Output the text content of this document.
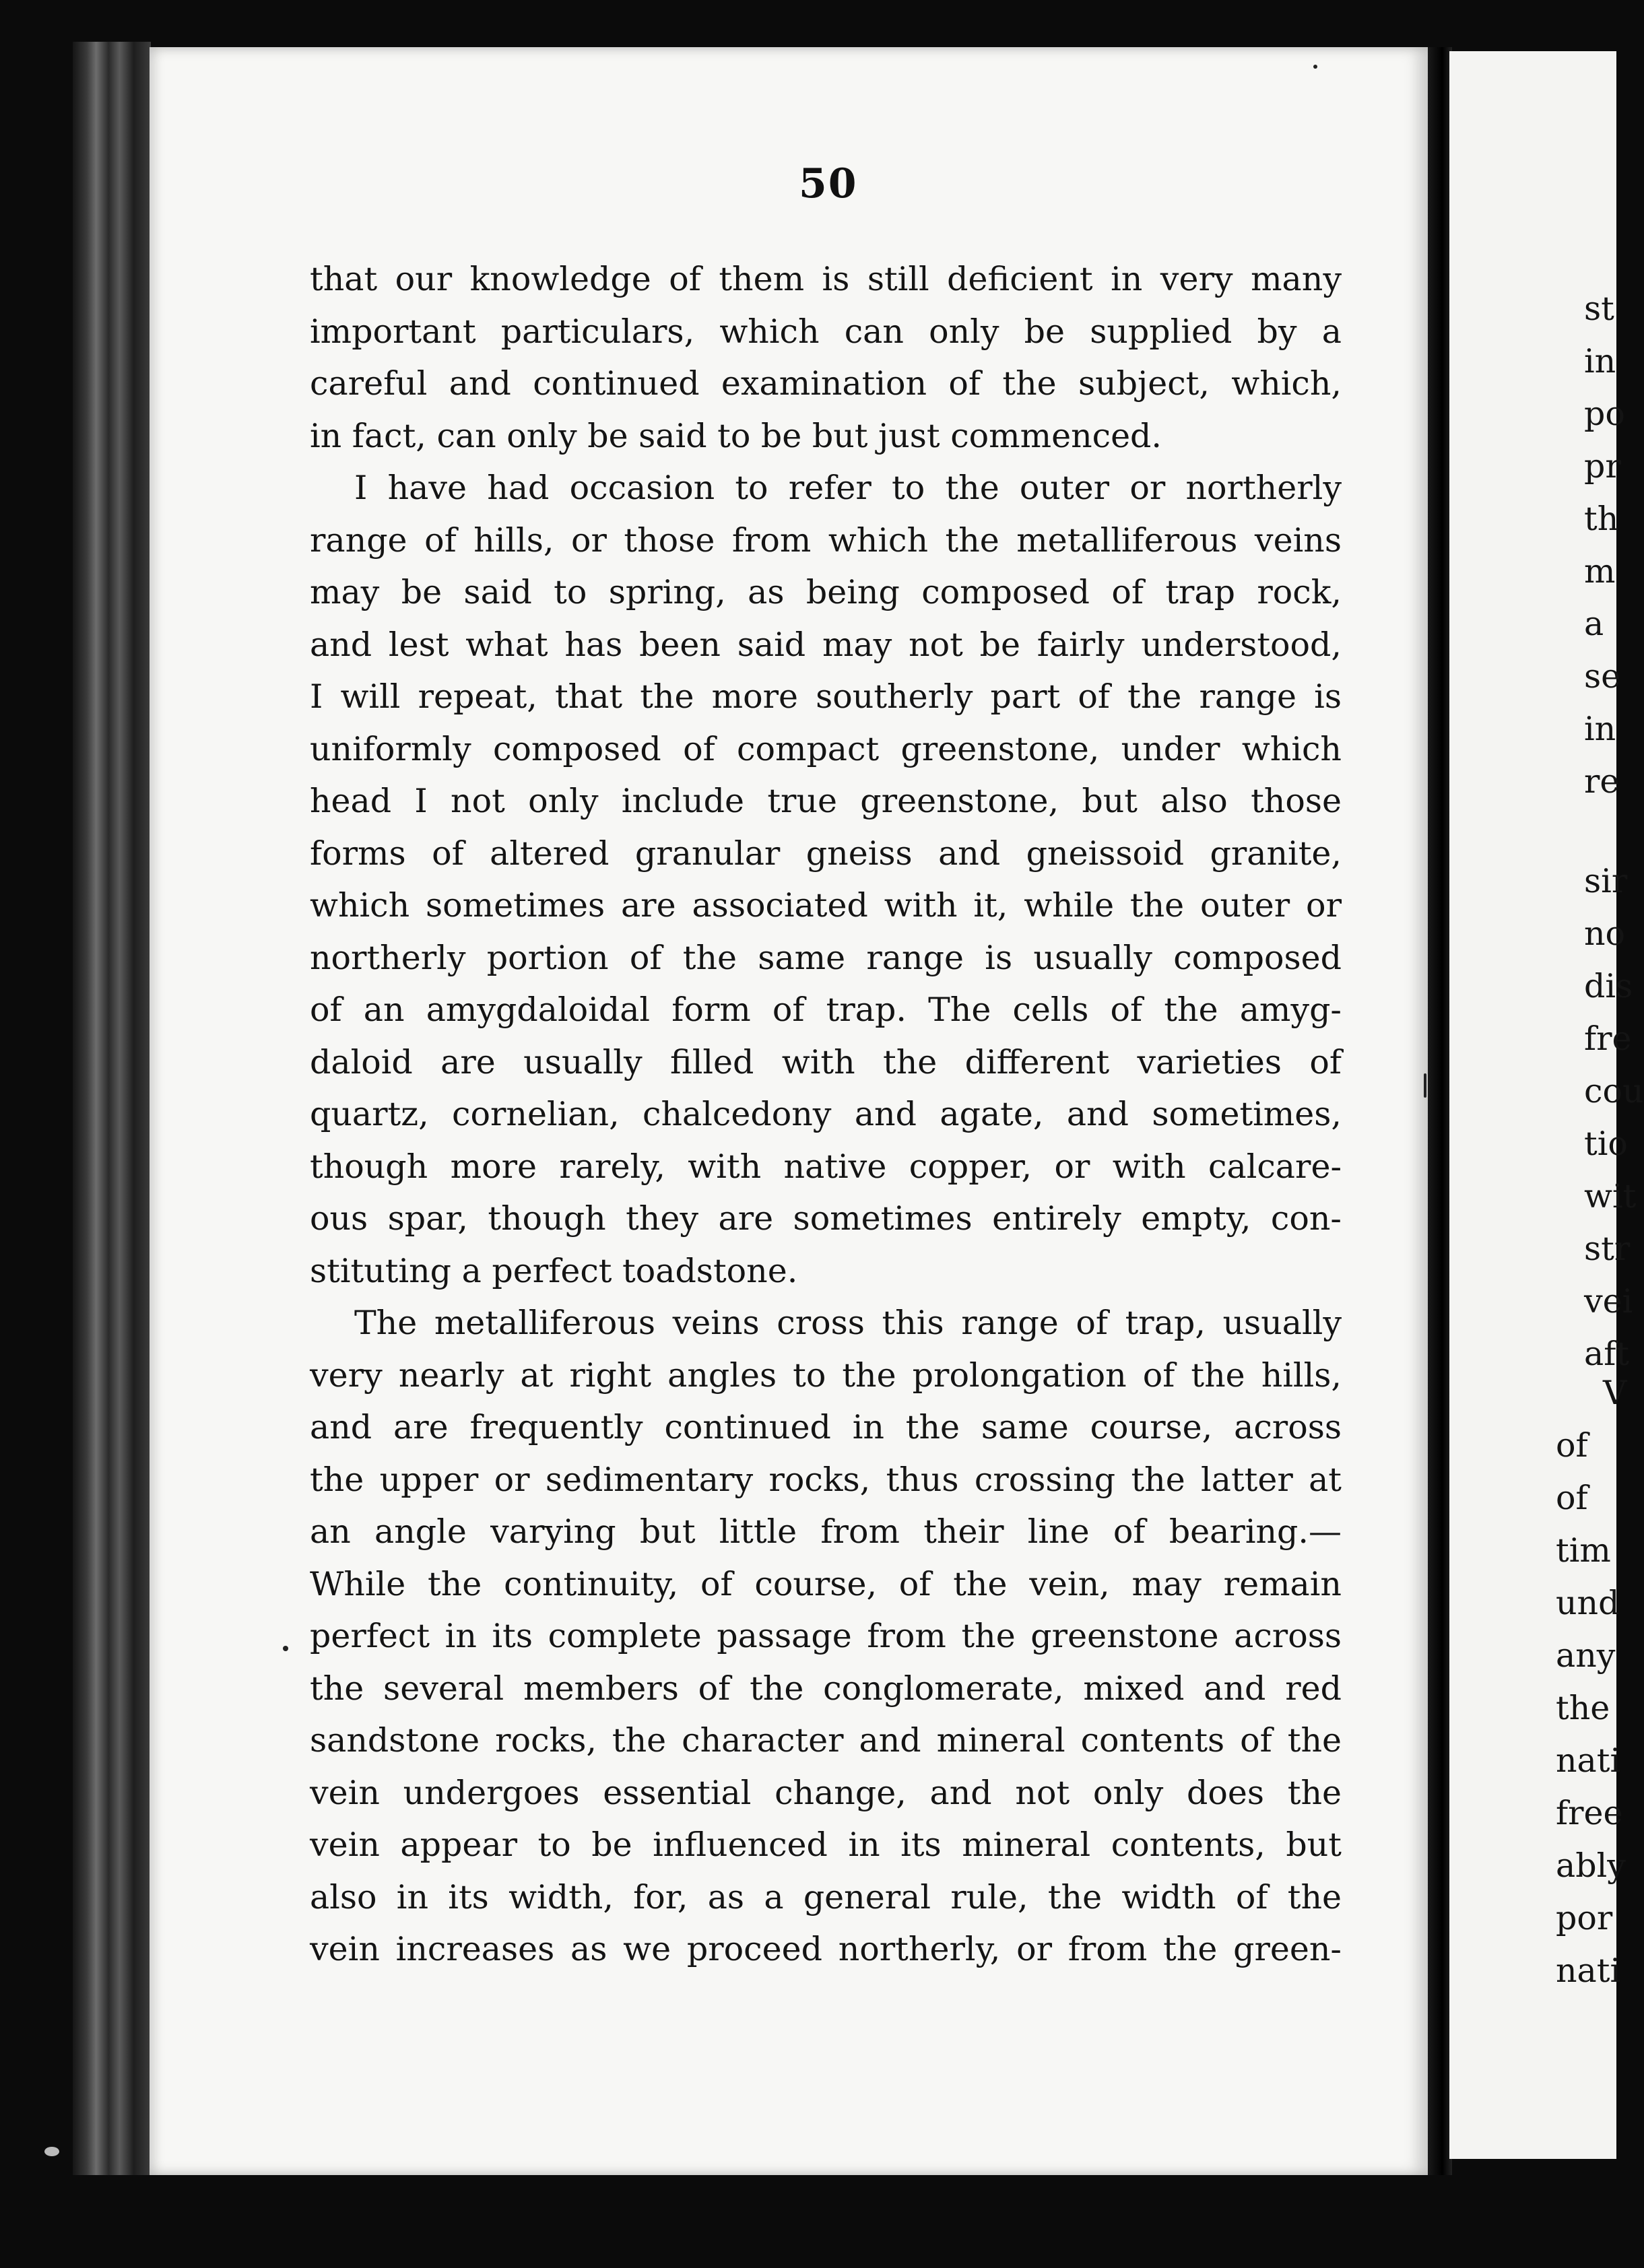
50
that our knowledge of them is still deficient in very many
important particulars, which can only be supplied by a
careful and continued examination of the subject, which,
in fact, can only be said to be but just commenced.
I have had occasion to refer to the outer or northerly
range of hills, or those from which the metalliferous veins
may be said to spring, as being composed of trap rock,
and lest what has been said may not be fairly understood,
I will repeat, that the more southerly part of the range is
uniformly composed of compact greenstone, under which
head I not only include true greenstone, but also those
forms of altered granular gneiss and gneissoid granite,
which sometimes are associated with it, while the outer or
northerly portion of the same range is usually composed
of an amygdaloidal form of trap. The cells of the amyg-
daloid are usually filled with the different varieties of
quartz, cornelian, chalcedony and agate, and sometimes,
though more rarely, with native copper, or with calcare-
ous spar, though they are sometimes entirely empty, con-
stituting a perfect toadstone.
The metalliferous veins cross this range of trap, usually
very nearly at right angles to the prolongation of the hills,
and are frequently continued in the same course, across
the upper or sedimentary rocks, thus crossing the latter at
an angle varying but little from their line of bearing.—
While the continuity, of course, of the vein, may remain
perfect in its complete passage from the greenstone across
the several members of the conglomerate, mixed and red
sandstone rocks, the character and mineral contents of the
vein undergoes essential change, and not only does the
vein appear to be influenced in its mineral contents, but
also in its width, for, as a general rule, the width of the
vein increases as we proceed northerly, or from the green-
st
in
po
pr
th
m
a
se
in
re
sir
no
dis
fre
cou
tio
wit
str
vei
aft
V
of
of
tim
und
any
the
nati
free
ably
por
nati
